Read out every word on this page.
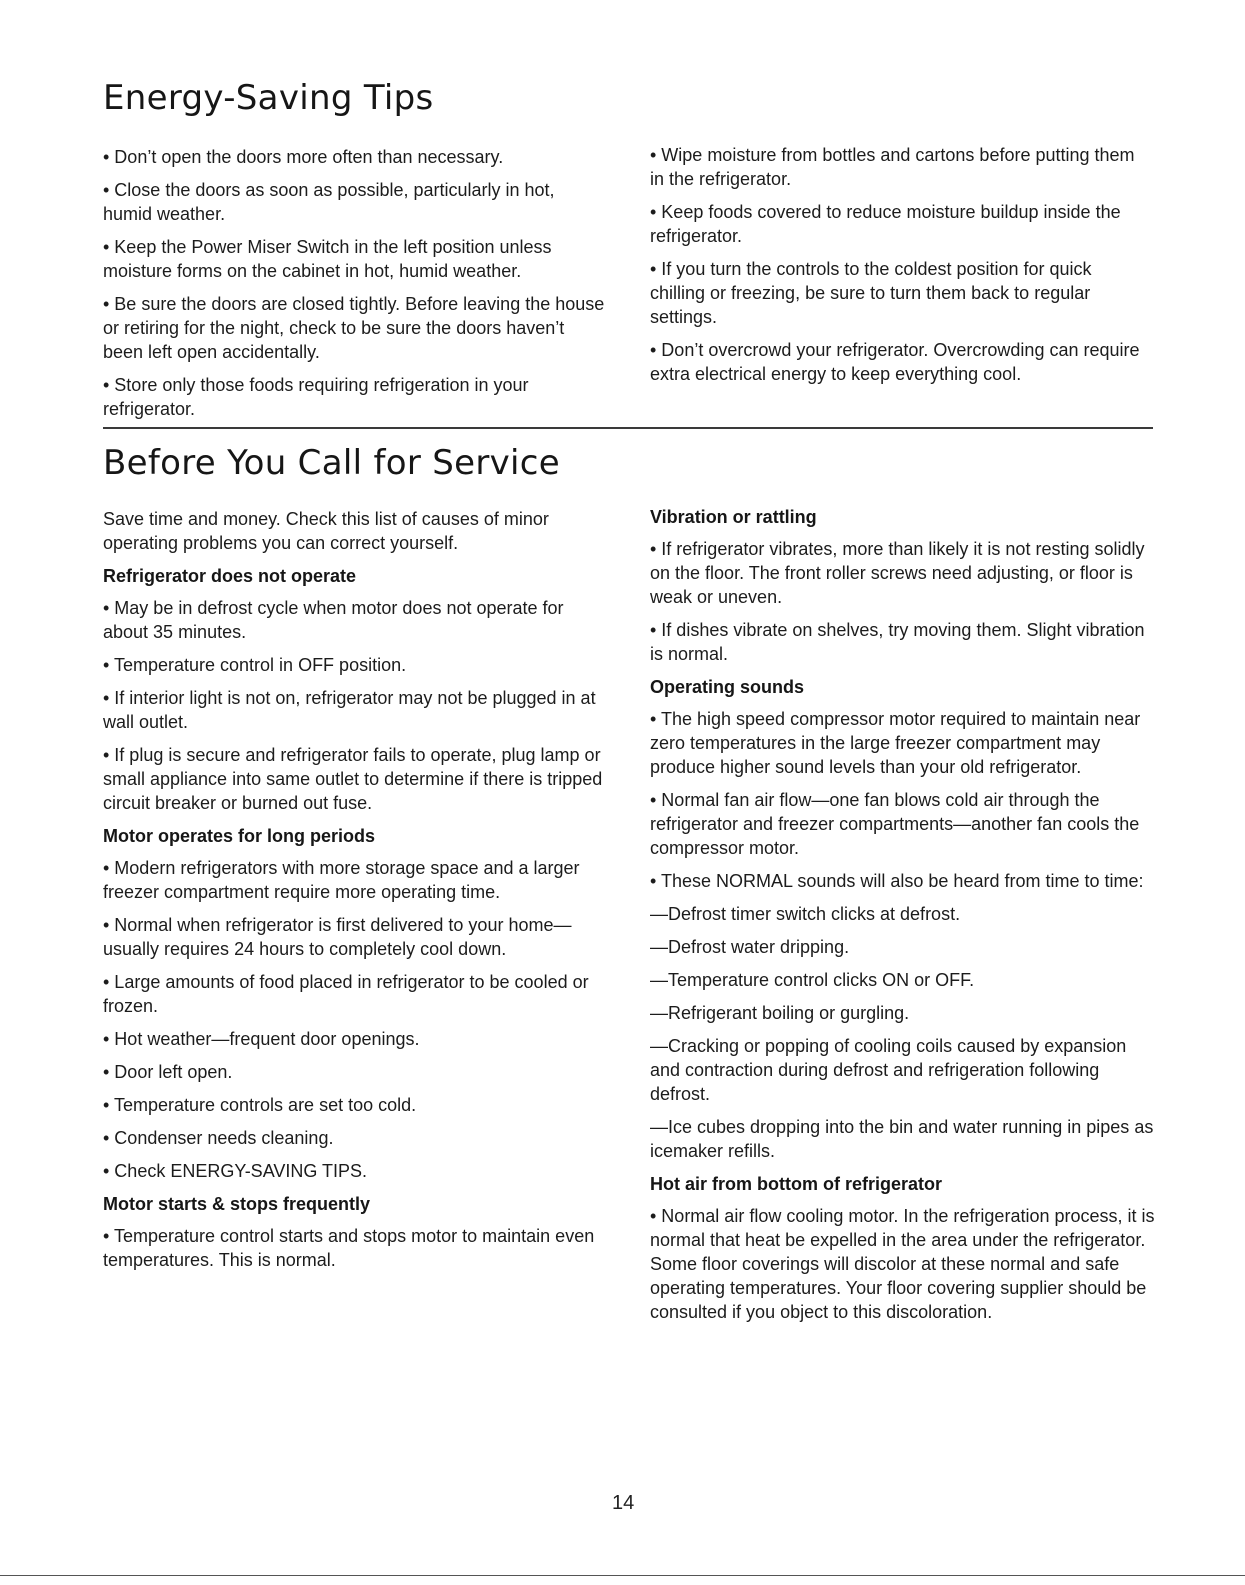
Energy-Saving Tips

• Don’t open the doors more often than necessary.

• Close the doors as soon as possible, particularly in hot, humid weather.

• Keep the Power Miser Switch in the left position unless moisture forms on the cabinet in hot, humid weather.

• Be sure the doors are closed tightly. Before leaving the house or retiring for the night, check to be sure the doors haven’t been left open accidentally.

• Store only those foods requiring refrigeration in your refrigerator.

• Wipe moisture from bottles and cartons before putting them in the refrigerator.

• Keep foods covered to reduce moisture buildup inside the refrigerator.

• If you turn the controls to the coldest position for quick chilling or freezing, be sure to turn them back to regular settings.

• Don’t overcrowd your refrigerator. Overcrowding can require extra electrical energy to keep everything cool.

Before You Call for Service

Save time and money. Check this list of causes of minor operating problems you can correct yourself.

Refrigerator does not operate

• May be in defrost cycle when motor does not operate for about 35 minutes.

• Temperature control in OFF position.

• If interior light is not on, refrigerator may not be plugged in at wall outlet.

• If plug is secure and refrigerator fails to operate, plug lamp or small appliance into same outlet to determine if there is tripped circuit breaker or burned out fuse.

Motor operates for long periods

• Modern refrigerators with more storage space and a larger freezer compartment require more operating time.

• Normal when refrigerator is first delivered to your home—usually requires 24 hours to completely cool down.

• Large amounts of food placed in refrigerator to be cooled or frozen.

• Hot weather—frequent door openings.

• Door left open.

• Temperature controls are set too cold.

• Condenser needs cleaning.

• Check ENERGY-SAVING TIPS.

Motor starts & stops frequently

• Temperature control starts and stops motor to maintain even temperatures. This is normal.

Vibration or rattling

• If refrigerator vibrates, more than likely it is not resting solidly on the floor. The front roller screws need adjusting, or floor is weak or uneven.

• If dishes vibrate on shelves, try moving them. Slight vibration is normal.

Operating sounds

• The high speed compressor motor required to maintain near zero temperatures in the large freezer compartment may produce higher sound levels than your old refrigerator.

• Normal fan air flow—one fan blows cold air through the refrigerator and freezer compartments—another fan cools the compressor motor.

• These NORMAL sounds will also be heard from time to time:

—Defrost timer switch clicks at defrost.

—Defrost water dripping.

—Temperature control clicks ON or OFF.

—Refrigerant boiling or gurgling.

—Cracking or popping of cooling coils caused by expansion and contraction during defrost and refrigeration following defrost.

—Ice cubes dropping into the bin and water running in pipes as icemaker refills.

Hot air from bottom of refrigerator

• Normal air flow cooling motor. In the refrigeration process, it is normal that heat be expelled in the area under the refrigerator. Some floor coverings will discolor at these normal and safe operating temperatures. Your floor covering supplier should be consulted if you object to this discoloration.

14
